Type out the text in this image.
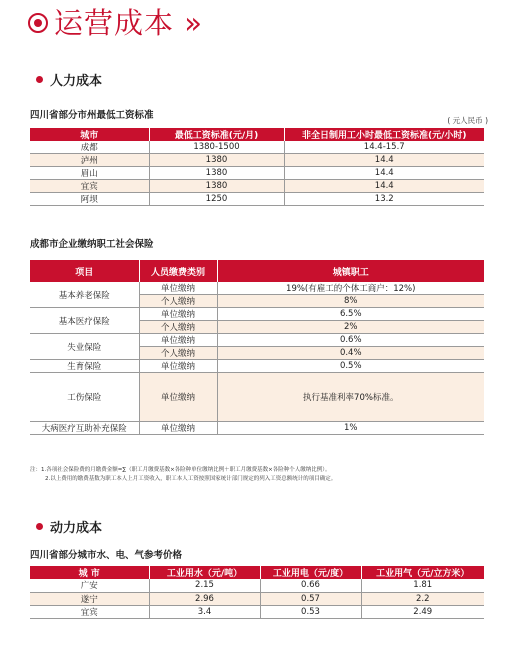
运营成本 »
人力成本
四川省部分市州最低工资标准	( 元人民币 )
城市	最低工资标准(元/月)	非全日制用工小时最低工资标准(元/小时)
成都	1380-1500	14.4-15.7
泸州	1380	14.4
眉山	1380	14.4
宜宾	1380	14.4
阿坝	1250	13.2
成都市企业缴纳职工社会保险
项目	人员缴费类别	城镇职工
基本养老保险	单位缴纳	19%(有雇工的个体工商户：12%)
	个人缴纳	8%
基本医疗保险	单位缴纳	6.5%
	个人缴纳	2%
失业保险	单位缴纳	0.6%
	个人缴纳	0.4%
生育保险	单位缴纳	0.5%
工伤保险	单位缴纳	执行基准利率70%标准。
大病医疗互助补充保险	单位缴纳	1%
注：1.各项社会保险费的月缴费金额=∑（职工月缴费基数×各险种单位缴纳比例＋职工月缴费基数×各险种个人缴纳比例）。
2.以上费用的缴费基数为职工本人上月工资收入，职工本人工资按照国家统计部门规定的列入工资总额统计的项目确定。
动力成本
四川省部分城市水、电、气参考价格
城 市	工业用水（元/吨）	工业用电（元/度）	工业用气（元/立方米）
广安	2.15	0.66	1.81
遂宁	2.96	0.57	2.2
宜宾	3.4	0.53	2.49
